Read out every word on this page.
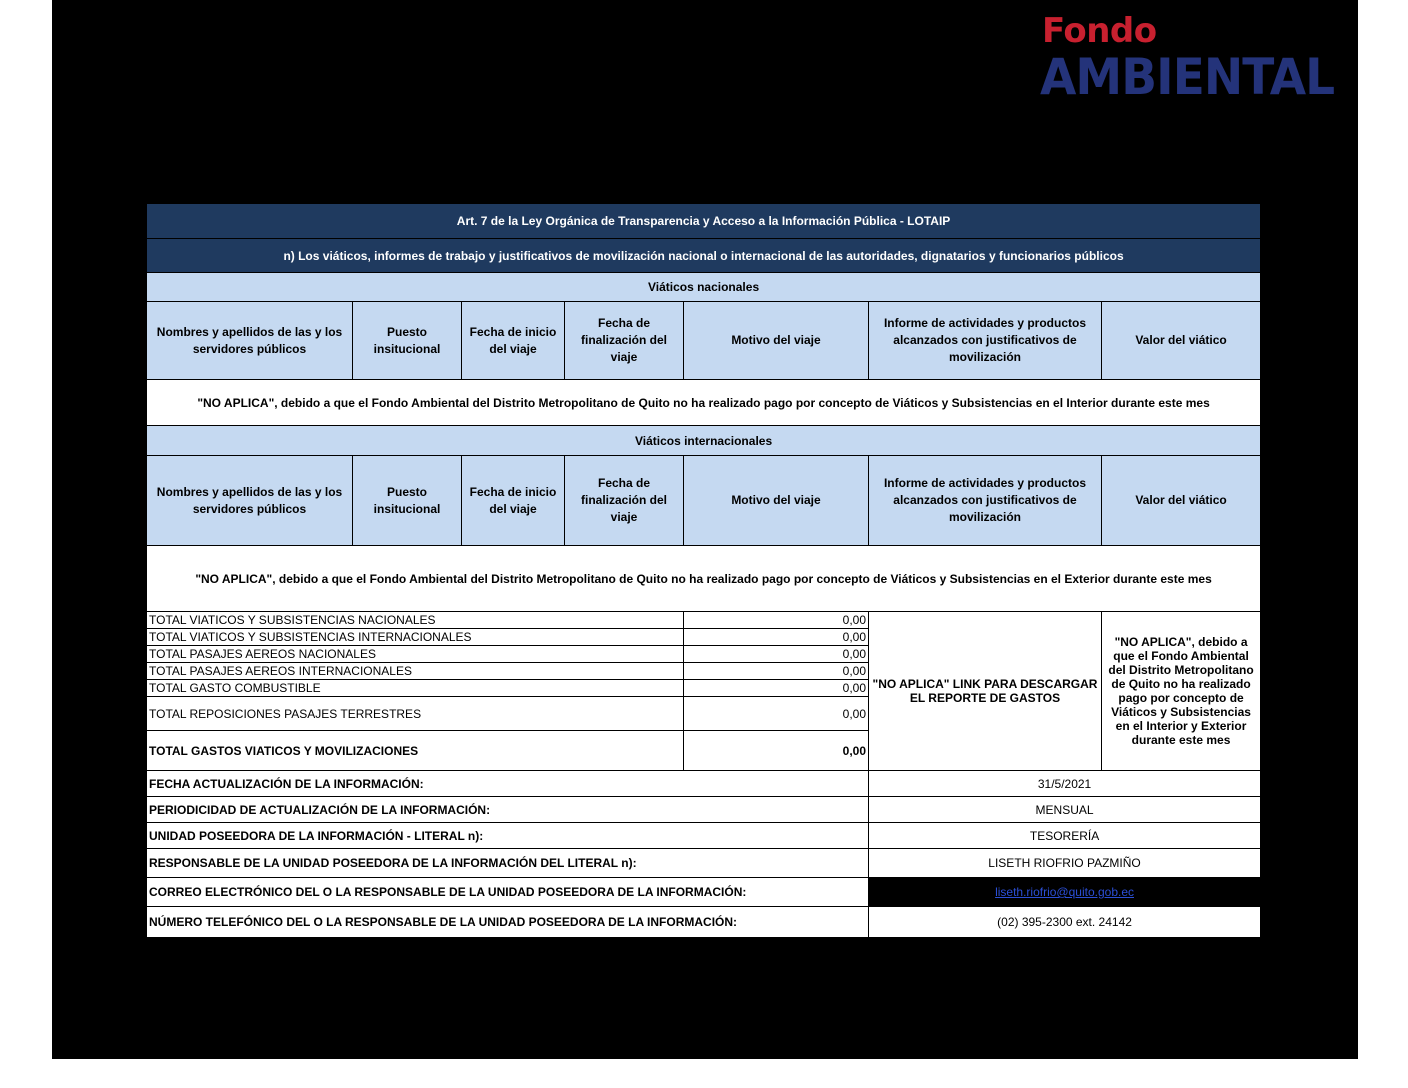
Fondo
AMBIENTAL
Art. 7 de la Ley Orgánica de Transparencia y Acceso a la Información Pública - LOTAIP						
n) Los viáticos, informes de trabajo y justificativos de movilización nacional o internacional de las autoridades, dignatarios y funcionarios públicos						
Viáticos nacionales						
Nombres y apellidos de las y los servidores públicos	Puesto insitucional	Fecha de inicio del viaje	Fecha de finalización del viaje	Motivo del viaje	Informe de actividades y productos alcanzados con justificativos de movilización	Valor del viático
"NO APLICA", debido a que el Fondo Ambiental del Distrito Metropolitano de Quito no ha realizado pago por concepto de Viáticos y Subsistencias en el Interior durante este mes						
Viáticos internacionales						
Nombres y apellidos de las y los servidores públicos	Puesto insitucional	Fecha de inicio del viaje	Fecha de finalización del viaje	Motivo del viaje	Informe de actividades y productos alcanzados con justificativos de movilización	Valor del viático
"NO APLICA", debido a que el Fondo Ambiental del Distrito Metropolitano de Quito no ha realizado pago por concepto de Viáticos y Subsistencias en el Exterior durante este mes						
TOTAL VIATICOS Y SUBSISTENCIAS NACIONALES				0,00	"NO APLICA" LINK PARA DESCARGAR EL REPORTE DE GASTOS	"NO APLICA", debido a que el Fondo Ambiental del Distrito Metropolitano de Quito no ha realizado pago por concepto de Viáticos y Subsistencias en el Interior y Exterior durante este mes
TOTAL VIATICOS Y SUBSISTENCIAS INTERNACIONALES				0,00		
TOTAL PASAJES AEREOS NACIONALES				0,00		
TOTAL PASAJES AEREOS INTERNACIONALES				0,00		
TOTAL GASTO COMBUSTIBLE				0,00		
TOTAL REPOSICIONES PASAJES TERRESTRES				0,00		
TOTAL GASTOS VIATICOS Y MOVILIZACIONES				0,00		
FECHA ACTUALIZACIÓN DE LA INFORMACIÓN:					31/5/2021	
PERIODICIDAD DE ACTUALIZACIÓN DE LA INFORMACIÓN:					MENSUAL	
UNIDAD POSEEDORA DE LA INFORMACIÓN - LITERAL n):					TESORERÍA	
RESPONSABLE DE LA UNIDAD POSEEDORA DE LA INFORMACIÓN DEL LITERAL n):					LISETH RIOFRIO PAZMIÑO	
CORREO ELECTRÓNICO DEL O LA RESPONSABLE DE LA UNIDAD POSEEDORA DE LA INFORMACIÓN:					liseth.riofrio@quito.gob.ec	
NÚMERO TELEFÓNICO DEL O LA RESPONSABLE DE LA UNIDAD POSEEDORA DE LA INFORMACIÓN:					(02) 395-2300 ext. 24142	
